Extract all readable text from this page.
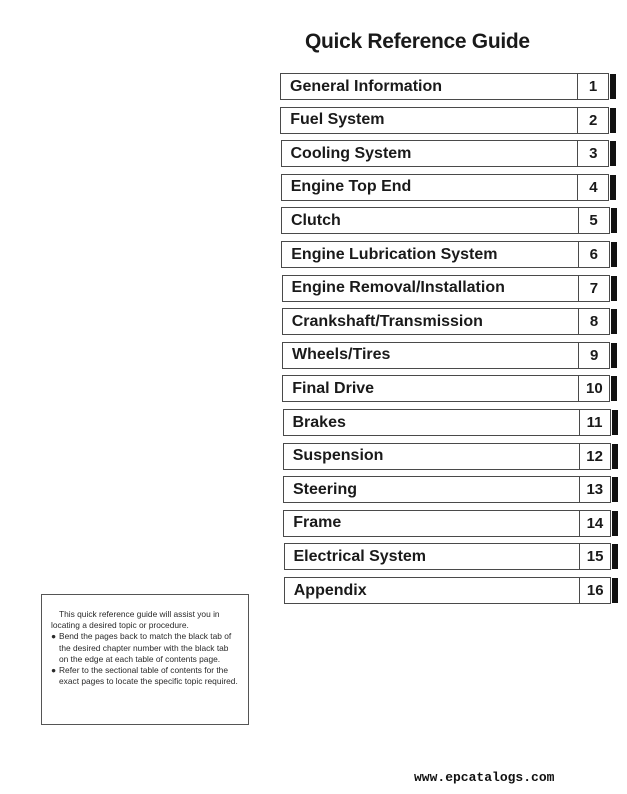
Quick Reference Guide
General Information	1
Fuel System	2
Cooling System	3
Engine Top End	4
Clutch	5
Engine Lubrication System	6
Engine Removal/Installation	7
Crankshaft/Transmission	8
Wheels/Tires	9
Final Drive	10
Brakes	11
Suspension	12
Steering	13
Frame	14
Electrical System	15
Appendix	16
This quick reference guide will assist you in locating a desired topic or procedure.
● Bend the pages back to match the black tab of the desired chapter number with the black tab on the edge at each table of contents page.
● Refer to the sectional table of contents for the exact pages to locate the specific topic required.
www.epcatalogs.com
